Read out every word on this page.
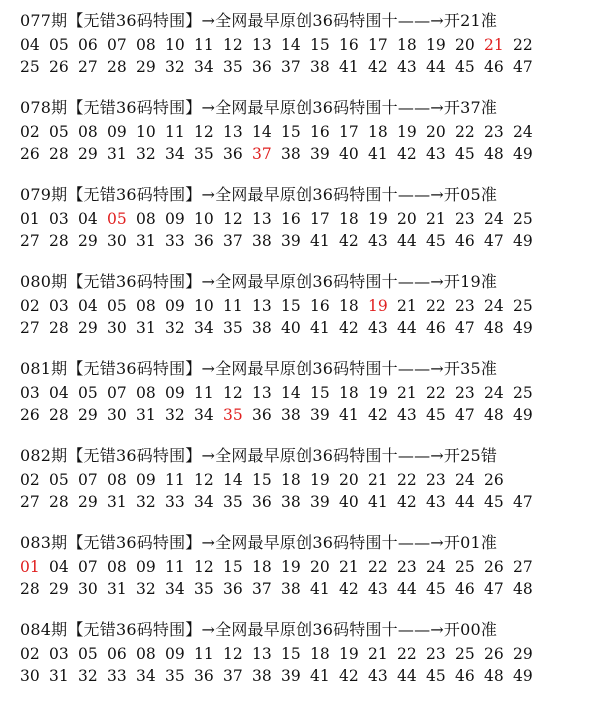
077期【无错36码特围】→全网最早原创36码特围十——→开21准
04 05 06 07 08 10 11 12 13 14 15 16 17 18 19 20 21 22
25 26 27 28 29 32 34 35 36 37 38 41 42 43 44 45 46 47
078期【无错36码特围】→全网最早原创36码特围十——→开37准
02 05 08 09 10 11 12 13 14 15 16 17 18 19 20 22 23 24
26 28 29 31 32 34 35 36 37 38 39 40 41 42 43 45 48 49
079期【无错36码特围】→全网最早原创36码特围十——→开05准
01 03 04 05 08 09 10 12 13 16 17 18 19 20 21 23 24 25
27 28 29 30 31 33 36 37 38 39 41 42 43 44 45 46 47 49
080期【无错36码特围】→全网最早原创36码特围十——→开19准
02 03 04 05 08 09 10 11 13 15 16 18 19 21 22 23 24 25
27 28 29 30 31 32 34 35 38 40 41 42 43 44 46 47 48 49
081期【无错36码特围】→全网最早原创36码特围十——→开35准
03 04 05 07 08 09 11 12 13 14 15 18 19 21 22 23 24 25
26 28 29 30 31 32 34 35 36 38 39 41 42 43 45 47 48 49
082期【无错36码特围】→全网最早原创36码特围十——→开25错
02 05 07 08 09 11 12 14 15 18 19 20 21 22 23 24 26
27 28 29 31 32 33 34 35 36 38 39 40 41 42 43 44 45 47
083期【无错36码特围】→全网最早原创36码特围十——→开01准
01 04 07 08 09 11 12 15 18 19 20 21 22 23 24 25 26 27
28 29 30 31 32 34 35 36 37 38 41 42 43 44 45 46 47 48
084期【无错36码特围】→全网最早原创36码特围十——→开00准
02 03 05 06 08 09 11 12 13 15 18 19 21 22 23 25 26 29
30 31 32 33 34 35 36 37 38 39 41 42 43 44 45 46 48 49
